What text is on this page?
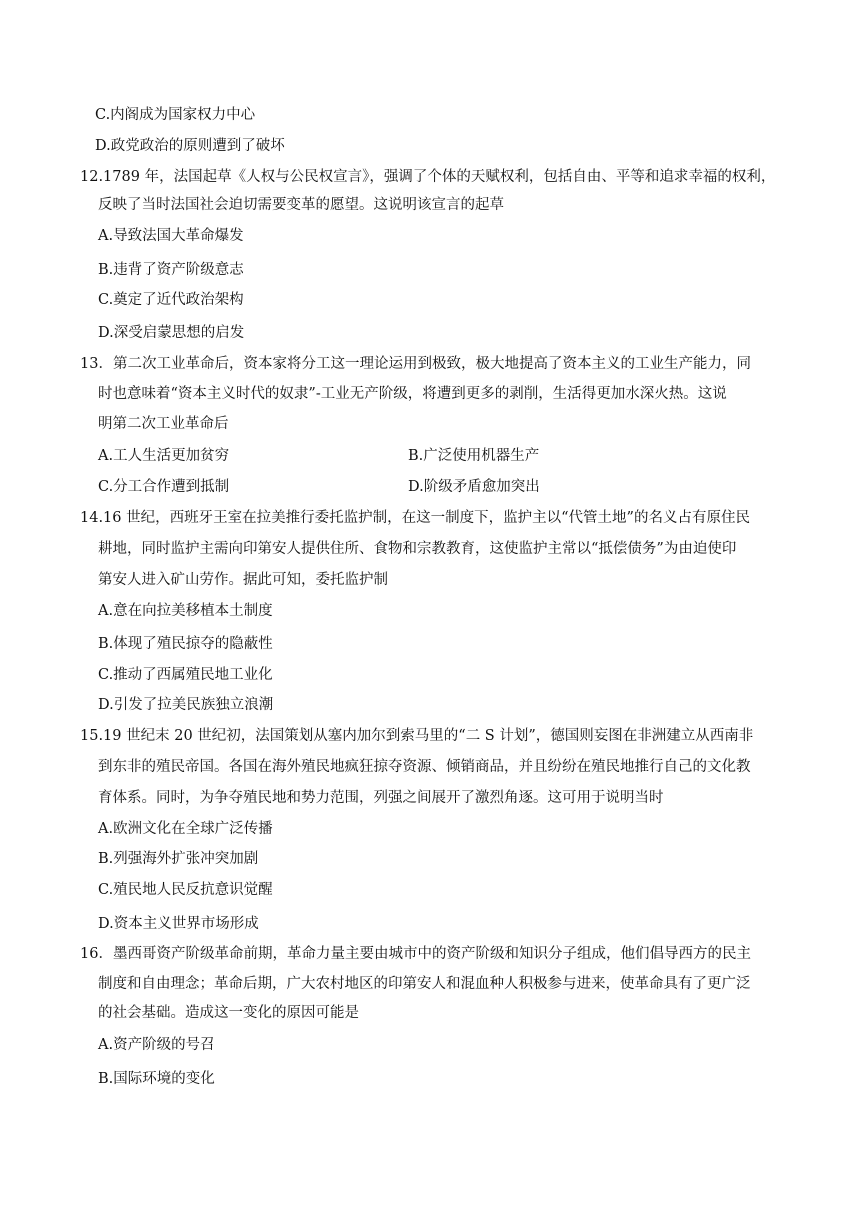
C.内阁成为国家权力中心
D.政党政治的原则遭到了破坏
12.1789 年，法国起草《人权与公民权宣言》，强调了个体的天赋权利，包括自由、平等和追求幸福的权利，
反映了当时法国社会迫切需要变革的愿望。这说明该宣言的起草
A.导致法国大革命爆发
B.违背了资产阶级意志
C.奠定了近代政治架构
D.深受启蒙思想的启发
13．第二次工业革命后，资本家将分工这一理论运用到极致，极大地提高了资本主义的工业生产能力，同
时也意味着“资本主义时代的奴隶”-工业无产阶级，将遭到更多的剥削，生活得更加水深火热。这说
明第二次工业革命后
A.工人生活更加贫穷	B.广泛使用机器生产
C.分工合作遭到抵制	D.阶级矛盾愈加突出
14.16 世纪，西班牙王室在拉美推行委托监护制，在这一制度下，监护主以“代管土地”的名义占有原住民
耕地，同时监护主需向印第安人提供住所、食物和宗教教育，这使监护主常以“抵偿债务”为由迫使印
第安人进入矿山劳作。据此可知，委托监护制
A.意在向拉美移植本土制度
B.体现了殖民掠夺的隐蔽性
C.推动了西属殖民地工业化
D.引发了拉美民族独立浪潮
15.19 世纪末 20 世纪初，法国策划从塞内加尔到索马里的“二 S 计划”，德国则妄图在非洲建立从西南非
到东非的殖民帝国。各国在海外殖民地疯狂掠夺资源、倾销商品，并且纷纷在殖民地推行自己的文化教
育体系。同时，为争夺殖民地和势力范围，列强之间展开了激烈角逐。这可用于说明当时
A.欧洲文化在全球广泛传播
B.列强海外扩张冲突加剧
C.殖民地人民反抗意识觉醒
D.资本主义世界市场形成
16．墨西哥资产阶级革命前期，革命力量主要由城市中的资产阶级和知识分子组成，他们倡导西方的民主
制度和自由理念；革命后期，广大农村地区的印第安人和混血种人积极参与进来，使革命具有了更广泛
的社会基础。造成这一变化的原因可能是
A.资产阶级的号召
B.国际环境的变化
